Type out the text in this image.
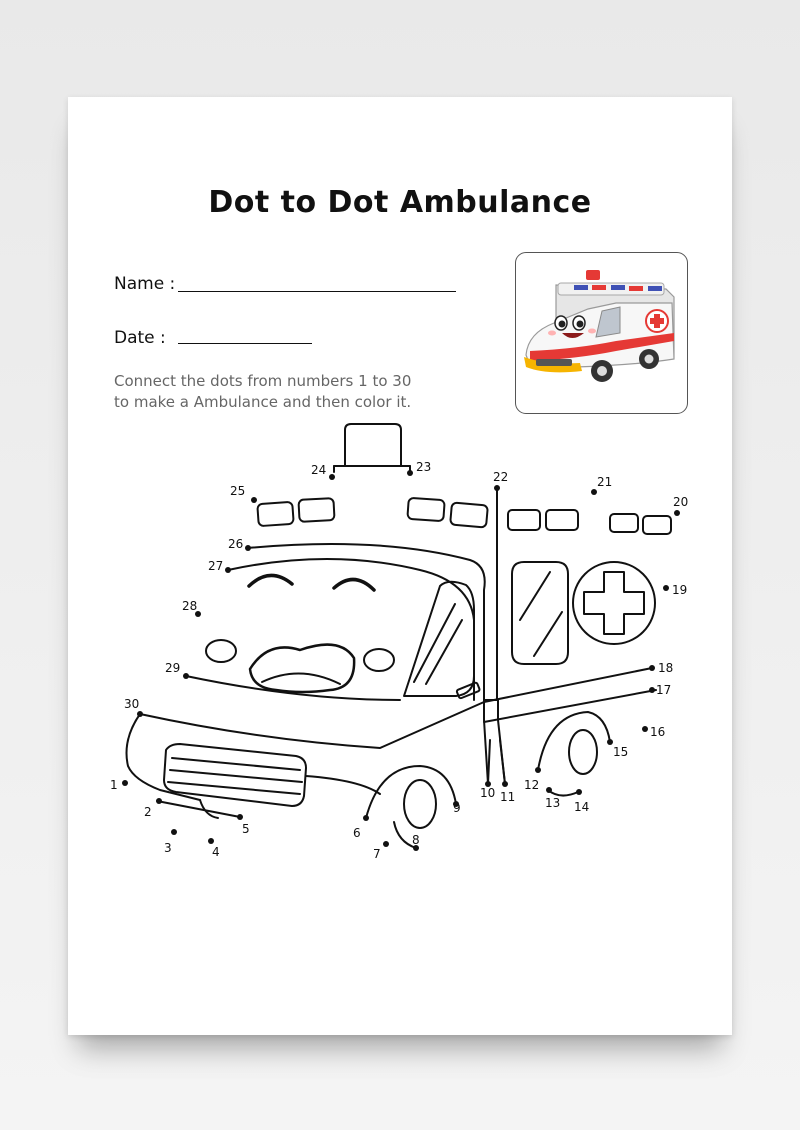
Dot to Dot Ambulance
Name :
Date :
Connect the dots from numbers 1 to 30
to make a Ambulance and then color it.
1
2
3	4
5	6
7
8
9
10 11
12
13 14
15
16
17
18
19
20
21
22
23
24
25
26
27
28
29
30
